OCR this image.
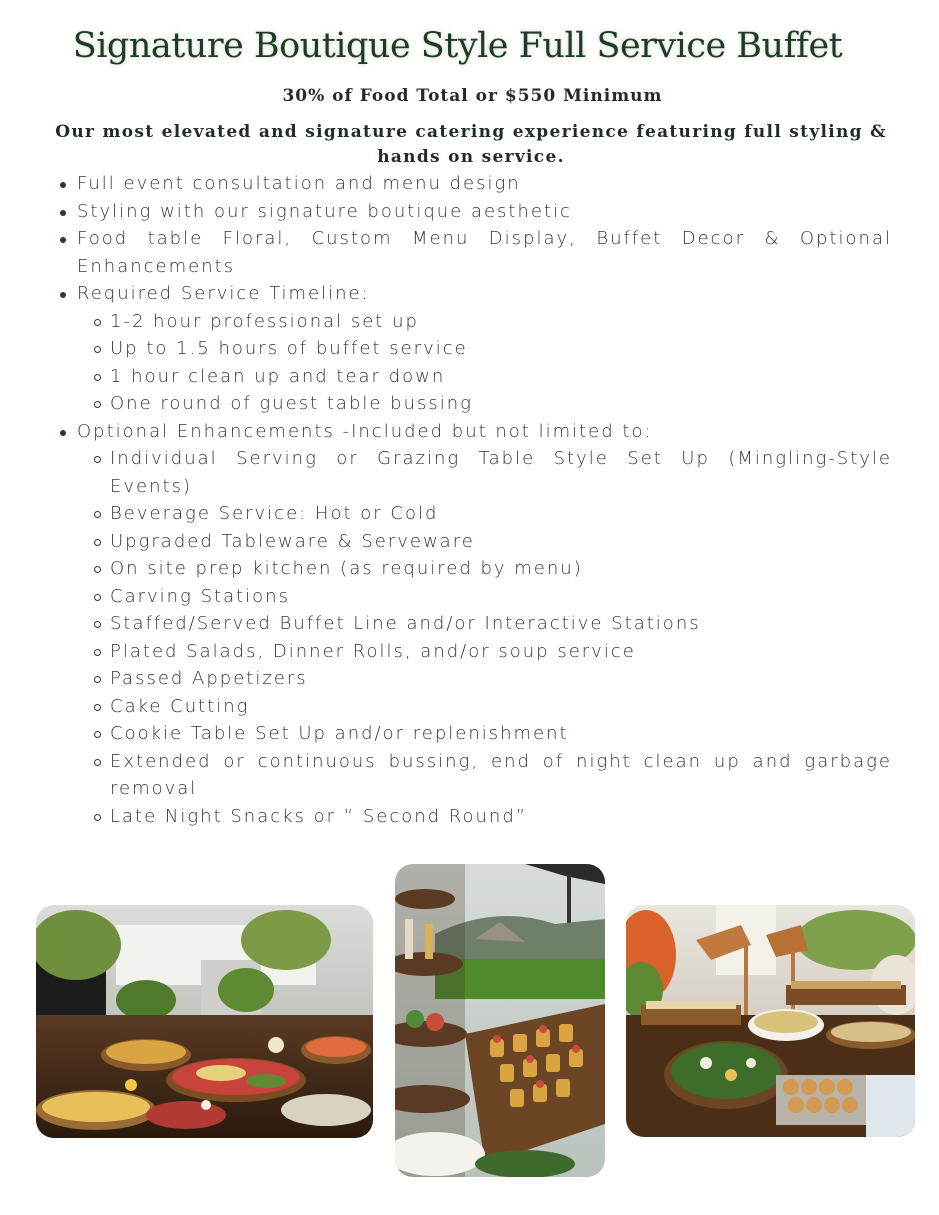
Signature Boutique Style Full Service Buffet
30% of Food Total or $550 Minimum
Our most elevated and signature catering experience featuring full styling & hands on service.
Full event consultation and menu design
Styling with our signature boutique aesthetic
Food table Floral, Custom Menu Display, Buffet Decor & Optional Enhancements
Required Service Timeline:
1-2 hour professional set up
Up to 1.5 hours of buffet service
1 hour clean up and tear down
One round of guest table bussing
Optional Enhancements -Included but not limited to:
Individual Serving or Grazing Table Style Set Up (Mingling-Style Events)
Beverage Service: Hot or Cold
Upgraded Tableware & Serveware
On site prep kitchen (as required by menu)
Carving Stations
Staffed/Served Buffet Line and/or Interactive Stations
Plated Salads, Dinner Rolls, and/or soup service
Passed Appetizers
Cake Cutting
Cookie Table Set Up and/or replenishment
Extended or continuous bussing, end of night clean up and garbage removal
Late Night Snacks or “ Second Round”
